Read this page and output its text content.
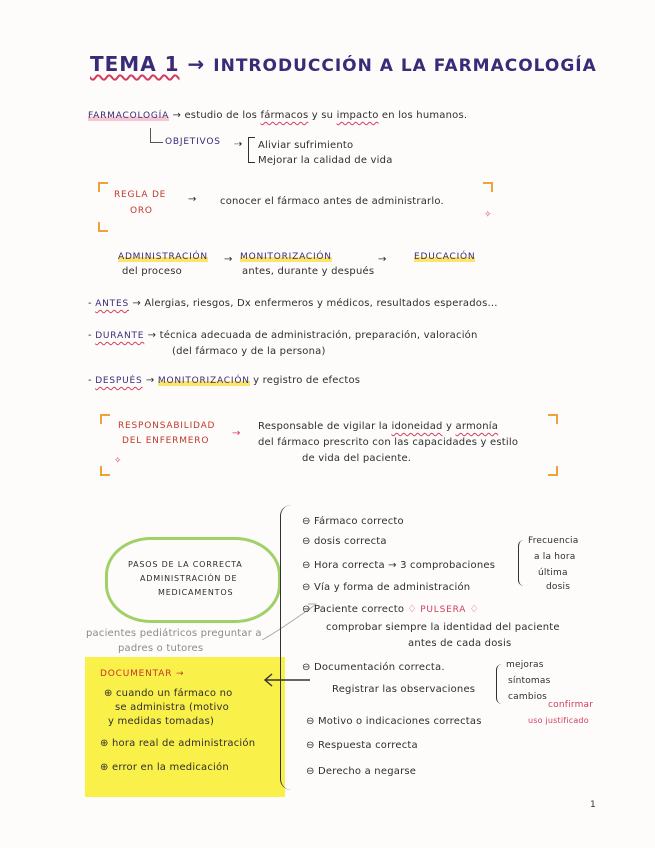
TEMA 1 → INTRODUCCIÓN A LA FARMACOLOGÍA
FARMACOLOGÍA → estudio de los fármacos y su impacto en los humanos.
OBJETIVOS ⇢ Aliviar sufrimiento
Mejorar la calidad de vida
✧
REGLA DE
ORO
→ conocer el fármaco antes de administrarlo.
ADMINISTRACIÓN
del proceso
→ MONITORIZACIÓN
antes, durante y después
→	EDUCACIÓN
- ANTES → Alergias, riesgos, Dx enfermeros y médicos, resultados esperados...
- DURANTE → técnica adecuada de administración, preparación, valoración
(del fármaco y de la persona)
- DESPUÉS → MONITORIZACIÓN y registro de efectos
✧
RESPONSABILIDAD
DEL ENFERMERO
→
Responsable de vigilar la idoneidad y armonía
del fármaco prescrito con las capacidades y estilo
de vida del paciente.
PASOS DE LA CORRECTA
ADMINISTRACIÓN DE
MEDICAMENTOS
pacientes pediátricos preguntar a
padres o tutores
DOCUMENTAR →
⊕ cuando un fármaco no
se administra (motivo
y medidas tomadas)
⊕ hora real de administración
⊕ error en la medicación
⊖ Fármaco correcto
⊖ dosis correcta
⊖ Hora correcta → 3 comprobaciones
Frecuencia
a la hora
última
dosis
⊖ Vía y forma de administración
⊖ Paciente correcto ♢ PULSERA ♢
comprobar siempre la identidad del paciente
antes de cada dosis
⊖ Documentación correcta.
Registrar las observaciones
mejoras
síntomas
cambios
confirmar
uso justificado
⊖ Motivo o indicaciones correctas
⊖ Respuesta correcta
⊖ Derecho a negarse
1
